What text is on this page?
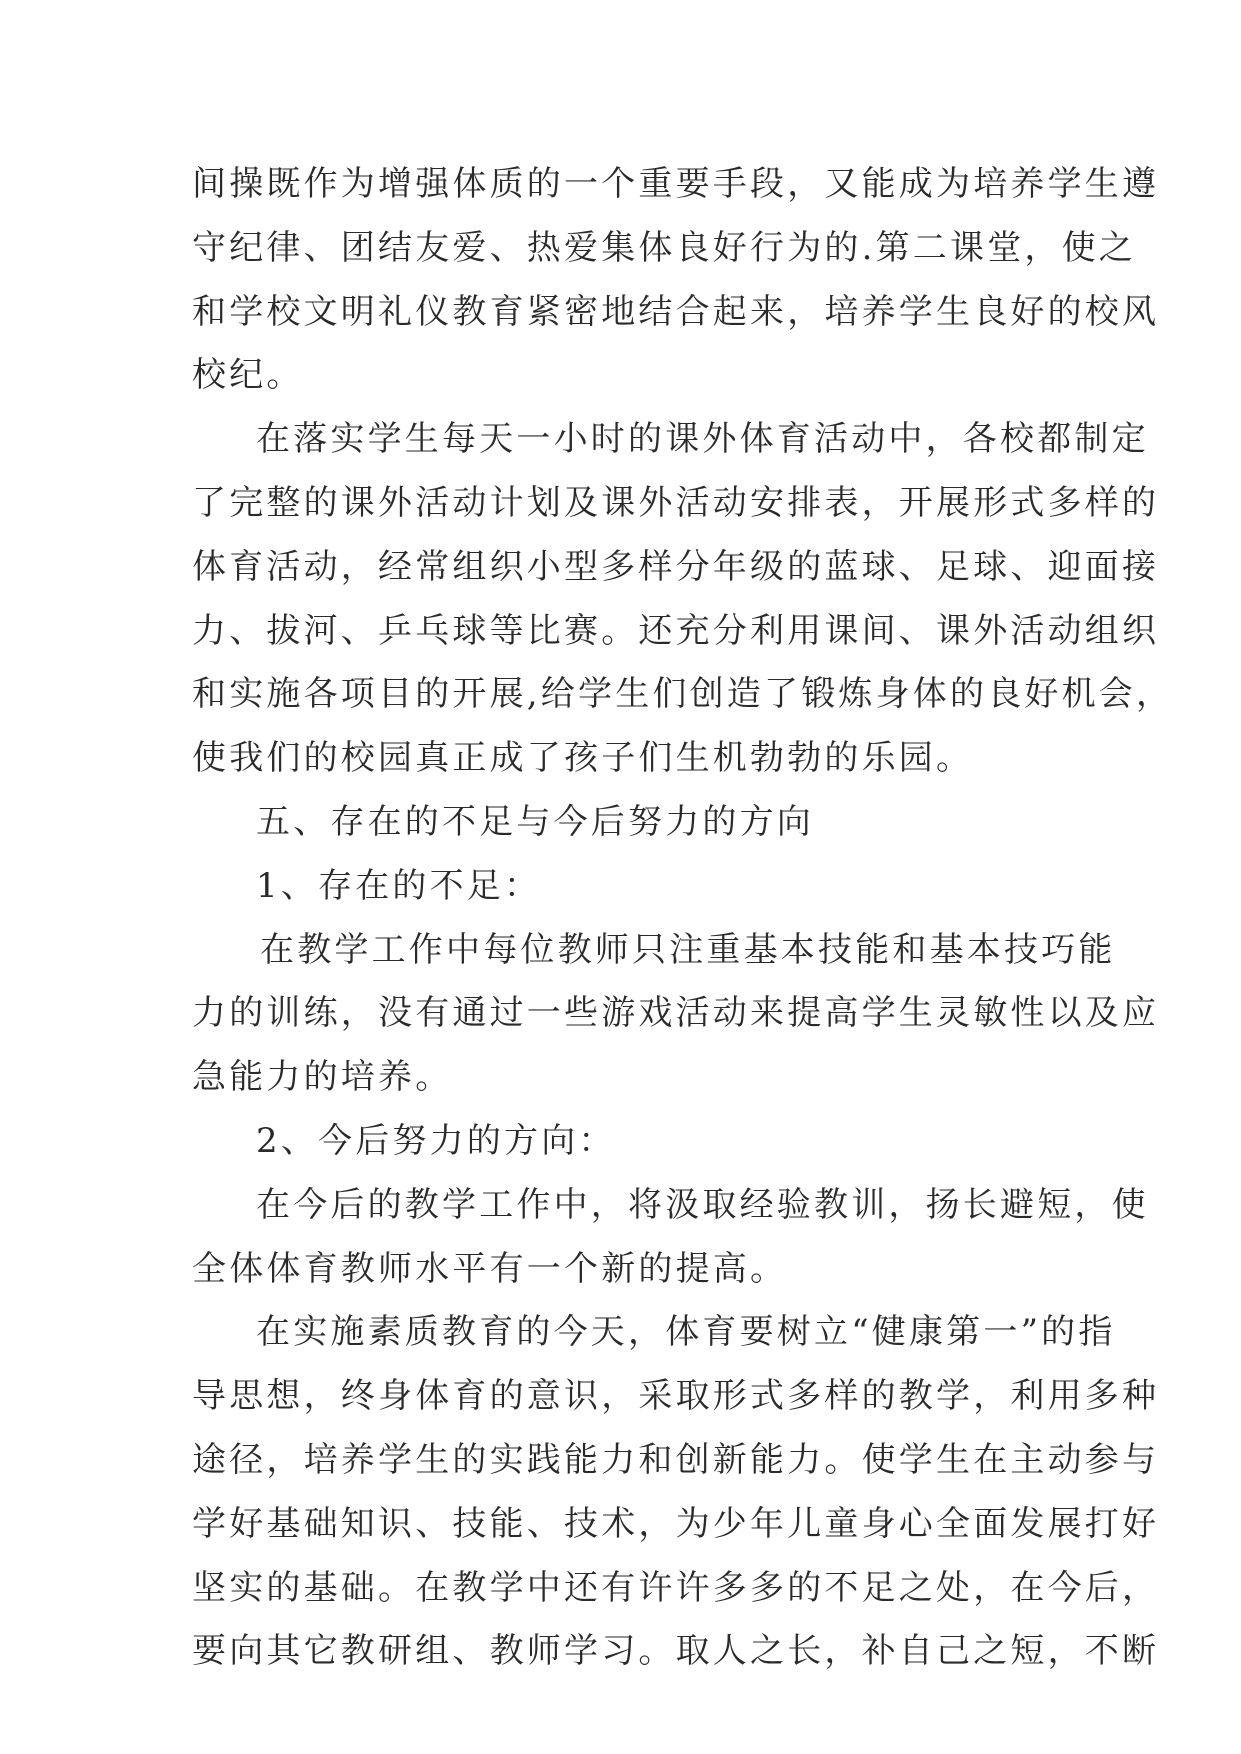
间操既作为增强体质的一个重要手段，又能成为培养学生遵
守纪律、团结友爱、热爱集体良好行为的.第二课堂，使之
和学校文明礼仪教育紧密地结合起来，培养学生良好的校风
校纪。
在落实学生每天一小时的课外体育活动中，各校都制定
了完整的课外活动计划及课外活动安排表，开展形式多样的
体育活动，经常组织小型多样分年级的蓝球、足球、迎面接
力、拔河、乒乓球等比赛。还充分利用课间、课外活动组织
和实施各项目的开展,给学生们创造了锻炼身体的良好机会，
使我们的校园真正成了孩子们生机勃勃的乐园。
五、存在的不足与今后努力的方向
1、存在的不足：
在教学工作中每位教师只注重基本技能和基本技巧能
力的训练，没有通过一些游戏活动来提高学生灵敏性以及应
急能力的培养。
2、今后努力的方向：
在今后的教学工作中，将汲取经验教训，扬长避短，使
全体体育教师水平有一个新的提高。
在实施素质教育的今天，体育要树立“健康第一”的指
导思想，终身体育的意识，采取形式多样的教学，利用多种
途径，培养学生的实践能力和创新能力。使学生在主动参与
学好基础知识、技能、技术，为少年儿童身心全面发展打好
坚实的基础。在教学中还有许许多多的不足之处，在今后，
要向其它教研组、教师学习。取人之长，补自己之短，不断
